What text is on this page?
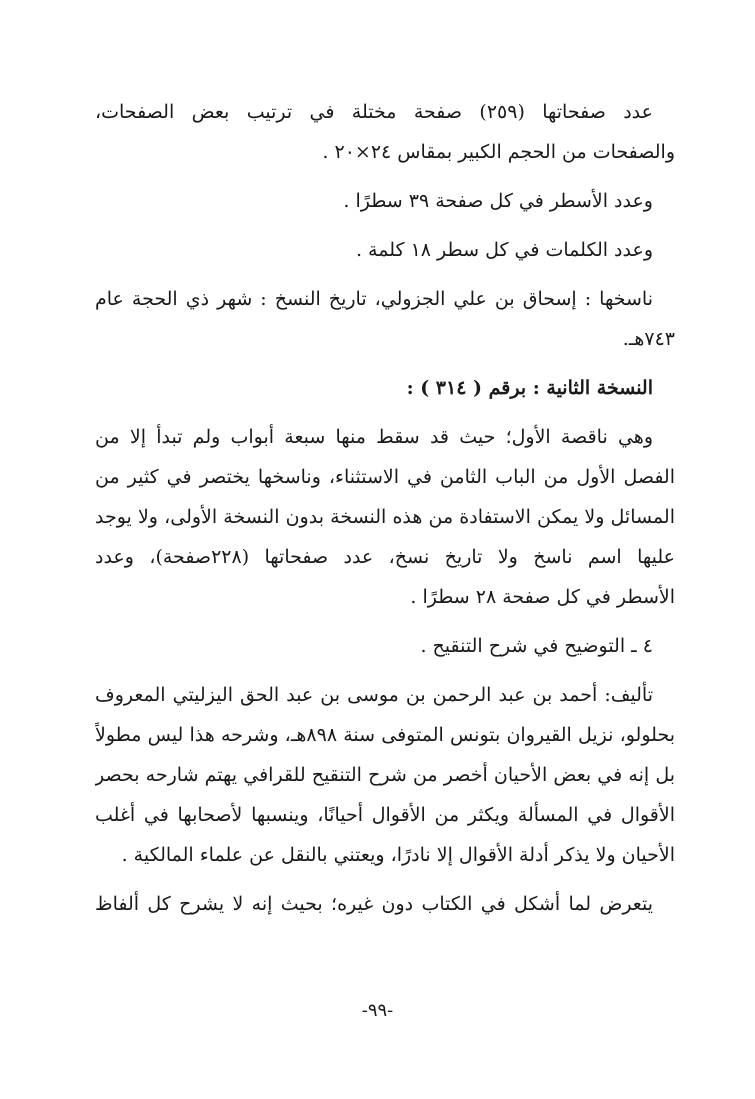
عدد صفحاتها (٢٥٩) صفحة مختلة في ترتيب بعض الصفحات،
والصفحات من الحجم الكبير بمقاس ٢٤×٢٠ .
وعدد الأسطر في كل صفحة ٣٩ سطرًا .
وعدد الكلمات في كل سطر ١٨ كلمة .
ناسخها : إسحاق بن علي الجزولي، تاريخ النسخ : شهر ذي الحجة عام
٧٤٣هـ.
النسخة الثانية : برقم ( ٣١٤ ) :
وهي ناقصة الأول؛ حيث قد سقط منها سبعة أبواب ولم تبدأ إلا من
الفصل الأول من الباب الثامن في الاستثناء، وناسخها يختصر في كثير من
المسائل ولا يمكن الاستفادة من هذه النسخة بدون النسخة الأولى، ولا يوجد
عليها اسم ناسخ ولا تاريخ نسخ، عدد صفحاتها (٢٢٨صفحة)، وعدد
الأسطر في كل صفحة ٢٨ سطرًا .
٤ ـ التوضيح في شرح التنقيح .
تأليف: أحمد بن عبد الرحمن بن موسى بن عبد الحق اليزليتي المعروف
بحلولو، نزيل القيروان بتونس المتوفى سنة ٨٩٨هـ، وشرحه هذا ليس مطولاً
بل إنه في بعض الأحيان أخصر من شرح التنقيح للقرافي يهتم شارحه بحصر
الأقوال في المسألة ويكثر من الأقوال أحيانًا، وينسبها لأصحابها في أغلب
الأحيان ولا يذكر أدلة الأقوال إلا نادرًا، ويعتني بالنقل عن علماء المالكية .
يتعرض لما أشكل في الكتاب دون غيره؛ بحيث إنه لا يشرح كل ألفاظ
-٩٩-
